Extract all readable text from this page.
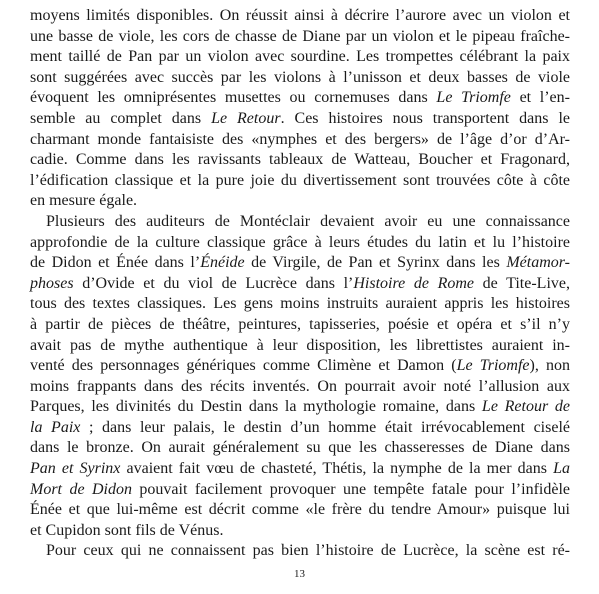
moyens limités disponibles. On réussit ainsi à décrire l’aurore avec un violon et
une basse de viole, les cors de chasse de Diane par un violon et le pipeau fraîche-
ment taillé de Pan par un violon avec sourdine. Les trompettes célébrant la paix
sont suggérées avec succès par les violons à l’unisson et deux basses de viole
évoquent les omniprésentes musettes ou cornemuses dans Le Triomfe et l’en-
semble au complet dans Le Retour. Ces histoires nous transportent dans le
charmant monde fantaisiste des «nymphes et des bergers» de l’âge d’or d’Ar-
cadie. Comme dans les ravissants tableaux de Watteau, Boucher et Fragonard,
l’édification classique et la pure joie du divertissement sont trouvées côte à côte
en mesure égale.
Plusieurs des auditeurs de Montéclair devaient avoir eu une connaissance
approfondie de la culture classique grâce à leurs études du latin et lu l’histoire
de Didon et Énée dans l’Énéide de Virgile, de Pan et Syrinx dans les Métamor-
phoses d’Ovide et du viol de Lucrèce dans l’Histoire de Rome de Tite-Live,
tous des textes classiques. Les gens moins instruits auraient appris les histoires
à partir de pièces de théâtre, peintures, tapisseries, poésie et opéra et s’il n’y
avait pas de mythe authentique à leur disposition, les librettistes auraient in-
venté des personnages génériques comme Climène et Damon (Le Triomfe), non
moins frappants dans des récits inventés. On pourrait avoir noté l’allusion aux
Parques, les divinités du Destin dans la mythologie romaine, dans Le Retour de
la Paix ; dans leur palais, le destin d’un homme était irrévocablement ciselé
dans le bronze. On aurait généralement su que les chasseresses de Diane dans
Pan et Syrinx avaient fait vœu de chasteté, Thétis, la nymphe de la mer dans La
Mort de Didon pouvait facilement provoquer une tempête fatale pour l’infidèle
Énée et que lui-même est décrit comme «le frère du tendre Amour» puisque lui
et Cupidon sont fils de Vénus.
Pour ceux qui ne connaissent pas bien l’histoire de Lucrèce, la scène est ré-
13
